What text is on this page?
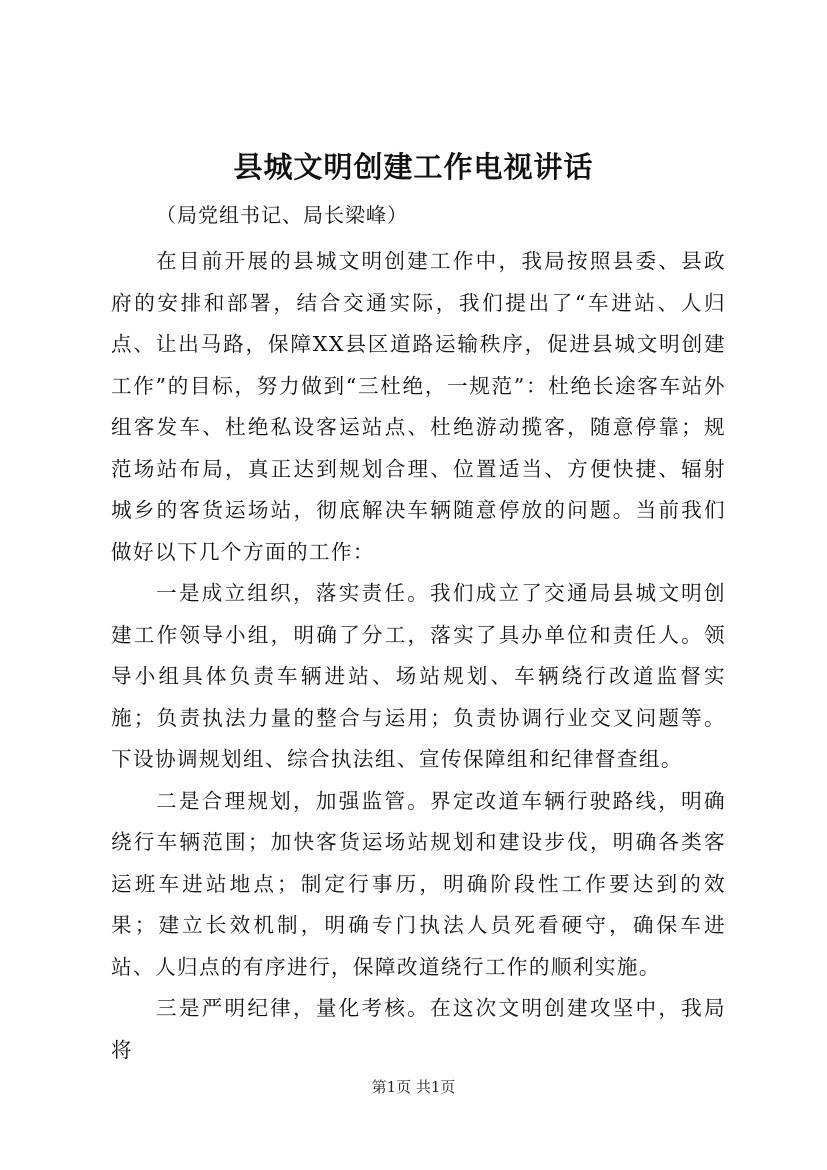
县城文明创建工作电视讲话

（局党组书记、局长梁峰）

在目前开展的县城文明创建工作中，我局按照县委、县政府的安排和部署，结合交通实际，我们提出了“车进站、人归点、让出马路，保障XX县区道路运输秩序，促进县城文明创建工作”的目标，努力做到“三杜绝，一规范”：杜绝长途客车站外组客发车、杜绝私设客运站点、杜绝游动揽客，随意停靠；规范场站布局，真正达到规划合理、位置适当、方便快捷、辐射城乡的客货运场站，彻底解决车辆随意停放的问题。当前我们做好以下几个方面的工作：

一是成立组织，落实责任。我们成立了交通局县城文明创建工作领导小组，明确了分工，落实了具办单位和责任人。领导小组具体负责车辆进站、场站规划、车辆绕行改道监督实施；负责执法力量的整合与运用；负责协调行业交叉问题等。下设协调规划组、综合执法组、宣传保障组和纪律督查组。

二是合理规划，加强监管。界定改道车辆行驶路线，明确绕行车辆范围；加快客货运场站规划和建设步伐，明确各类客运班车进站地点；制定行事历，明确阶段性工作要达到的效果；建立长效机制，明确专门执法人员死看硬守，确保车进站、人归点的有序进行，保障改道绕行工作的顺利实施。

三是严明纪律，量化考核。在这次文明创建攻坚中，我局将

第1页 共1页
